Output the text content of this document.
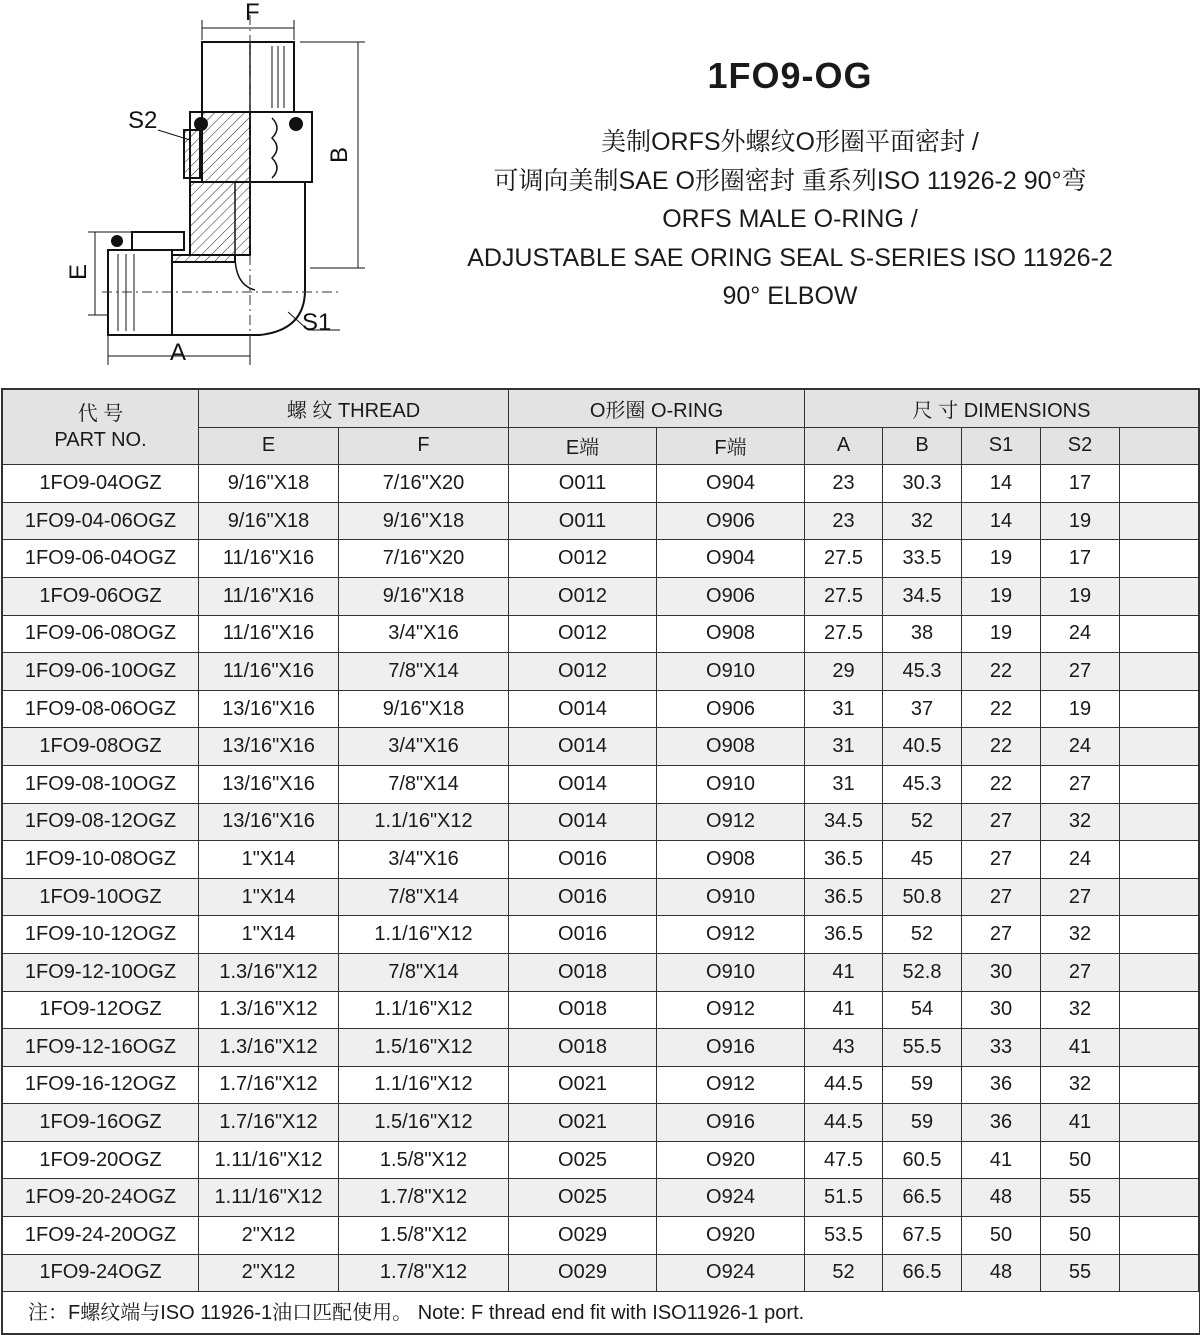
F
S2
B
E
S1
A
1FO9-OG
美制ORFS外螺纹O形圈平面密封 /
可调向美制SAE O形圈密封 重系列ISO 11926-2 90°弯
ORFS MALE O-RING /
ADJUSTABLE SAE ORING SEAL S-SERIES ISO 11926-2
90° ELBOW
代 号
PART NO.	螺 纹 THREAD		O形圈 O-RING		尺 寸 DIMENSIONS				
	E	F	E端	F端	A	B	S1	S2	
1FO9-04OGZ	9/16"X18	7/16"X20	O011	O904	23	30.3	14	17	
1FO9-04-06OGZ	9/16"X18	9/16"X18	O011	O906	23	32	14	19	
1FO9-06-04OGZ	11/16"X16	7/16"X20	O012	O904	27.5	33.5	19	17	
1FO9-06OGZ	11/16"X16	9/16"X18	O012	O906	27.5	34.5	19	19	
1FO9-06-08OGZ	11/16"X16	3/4"X16	O012	O908	27.5	38	19	24	
1FO9-06-10OGZ	11/16"X16	7/8"X14	O012	O910	29	45.3	22	27	
1FO9-08-06OGZ	13/16"X16	9/16"X18	O014	O906	31	37	22	19	
1FO9-08OGZ	13/16"X16	3/4"X16	O014	O908	31	40.5	22	24	
1FO9-08-10OGZ	13/16"X16	7/8"X14	O014	O910	31	45.3	22	27	
1FO9-08-12OGZ	13/16"X16	1.1/16"X12	O014	O912	34.5	52	27	32	
1FO9-10-08OGZ	1"X14	3/4"X16	O016	O908	36.5	45	27	24	
1FO9-10OGZ	1"X14	7/8"X14	O016	O910	36.5	50.8	27	27	
1FO9-10-12OGZ	1"X14	1.1/16"X12	O016	O912	36.5	52	27	32	
1FO9-12-10OGZ	1.3/16"X12	7/8"X14	O018	O910	41	52.8	30	27	
1FO9-12OGZ	1.3/16"X12	1.1/16"X12	O018	O912	41	54	30	32	
1FO9-12-16OGZ	1.3/16"X12	1.5/16"X12	O018	O916	43	55.5	33	41	
1FO9-16-12OGZ	1.7/16"X12	1.1/16"X12	O021	O912	44.5	59	36	32	
1FO9-16OGZ	1.7/16"X12	1.5/16"X12	O021	O916	44.5	59	36	41	
1FO9-20OGZ	1.11/16"X12	1.5/8"X12	O025	O920	47.5	60.5	41	50	
1FO9-20-24OGZ	1.11/16"X12	1.7/8"X12	O025	O924	51.5	66.5	48	55	
1FO9-24-20OGZ	2"X12	1.5/8"X12	O029	O920	53.5	67.5	50	50	
1FO9-24OGZ	2"X12	1.7/8"X12	O029	O924	52	66.5	48	55	
注：F螺纹端与ISO 11926-1油口匹配使用。 Note: F thread end fit with ISO11926-1 port.
